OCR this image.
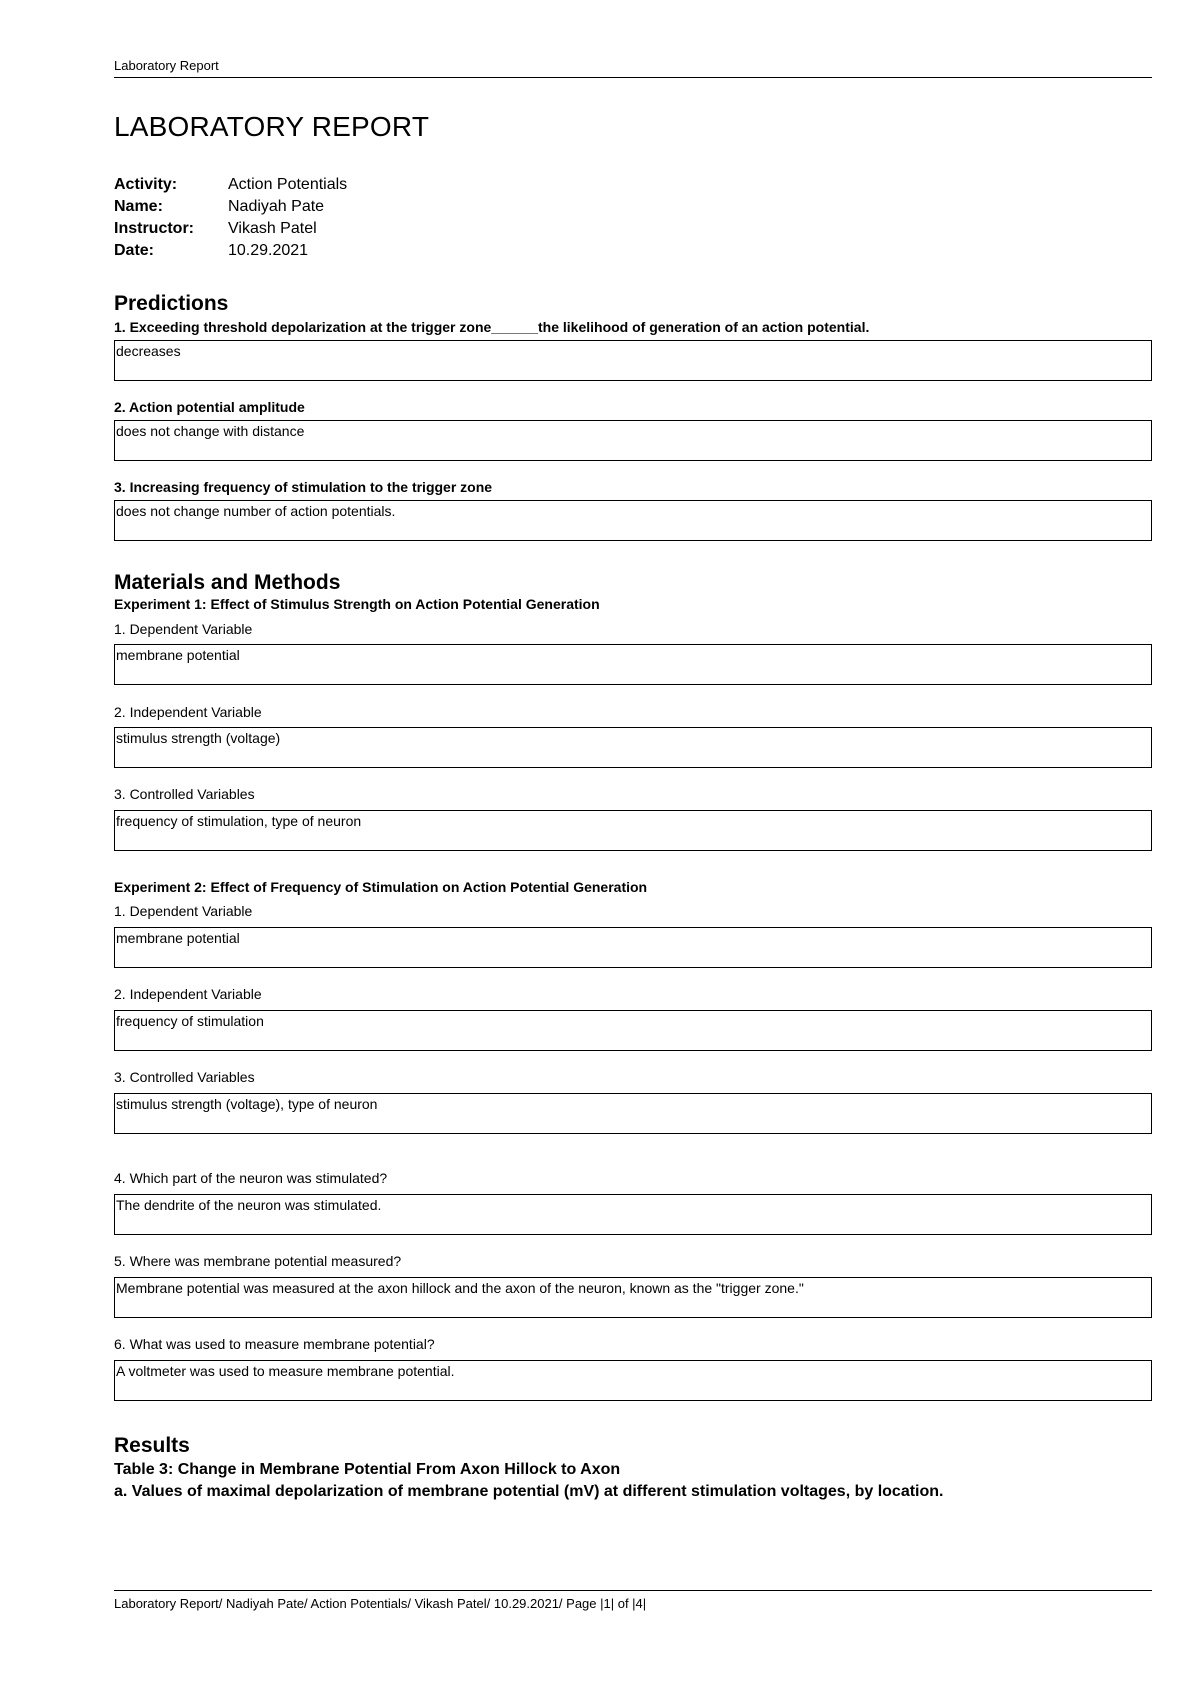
Laboratory Report
LABORATORY REPORT
Activity:	Action Potentials
Name:	Nadiyah Pate
Instructor:	Vikash Patel
Date:	10.29.2021
Predictions
1. Exceeding threshold depolarization at the trigger zone______the likelihood of generation of an action potential.
decreases
2. Action potential amplitude
does not change with distance
3. Increasing frequency of stimulation to the trigger zone
does not change number of action potentials.
Materials and Methods
Experiment 1: Effect of Stimulus Strength on Action Potential Generation
1. Dependent Variable
membrane potential
2. Independent Variable
stimulus strength (voltage)
3. Controlled Variables
frequency of stimulation, type of neuron
Experiment 2: Effect of Frequency of Stimulation on Action Potential Generation
1. Dependent Variable
membrane potential
2. Independent Variable
frequency of stimulation
3. Controlled Variables
stimulus strength (voltage), type of neuron
4. Which part of the neuron was stimulated?
The dendrite of the neuron was stimulated.
5. Where was membrane potential measured?
Membrane potential was measured at the axon hillock and the axon of the neuron, known as the "trigger zone."
6. What was used to measure membrane potential?
A voltmeter was used to measure membrane potential.
Results
Table 3: Change in Membrane Potential From Axon Hillock to Axon
a. Values of maximal depolarization of membrane potential (mV) at different stimulation voltages, by location.
Laboratory Report/ Nadiyah Pate/ Action Potentials/ Vikash Patel/ 10.29.2021/ Page |1| of |4|
